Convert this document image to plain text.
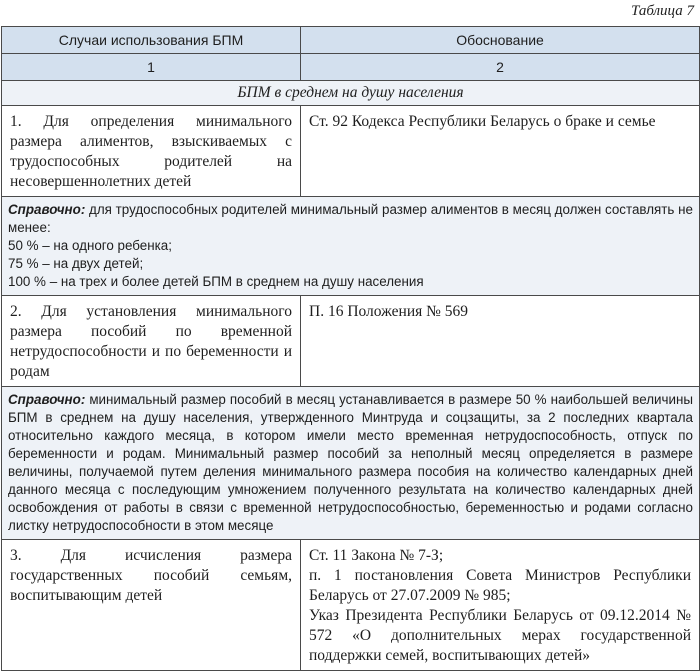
Таблица 7
Случаи использования БПМ	Обоснование
1	2
БПМ в среднем на душу населения	
1. Для определения минимального размера алиментов, взыскиваемых с трудоспособных родителей на несовершеннолетних детей	Ст. 92 Кодекса Республики Беларусь о браке и семье

Справочно: для трудоспособных родителей минимальный размер алиментов в месяц должен составлять не менее:
50 % – на одного ребенка;
75 % – на двух детей;
100 % – на трех и более детей БПМ в среднем на душу населения	

2. Для установления минимального размера пособий по временной нетрудоспособности и по беременности и родам	П. 16 Положения № 569

Справочно: минимальный размер пособий в месяц устанавливается в размере 50 % наибольшей величины БПМ в среднем на душу населения, утвержденного Минтруда и соцзащиты, за 2 последних квартала относительно каждого месяца, в котором имели место временная нетрудоспособность, отпуск по беременности и родам. Минимальный размер пособий за неполный месяц определяется в размере величины, получаемой путем деления минимального размера пособия на количество календарных дней данного месяца с последующим умножением полученного результата на количество календарных дней освобождения от работы в связи с временной нетрудоспособностью, беременностью и родами согласно листку нетрудоспособности в этом месяце	
3. Для исчисления размера государственных пособий семьям, воспитывающим детей	Ст. 11 Закона № 7-З;
п. 1 постановления Совета Министров Республики Беларусь от 27.07.2009 № 985;
Указ Президента Республики Беларусь от 09.12.2014 № 572 «О дополнительных мерах государственной поддержки семей, воспитывающих детей»
